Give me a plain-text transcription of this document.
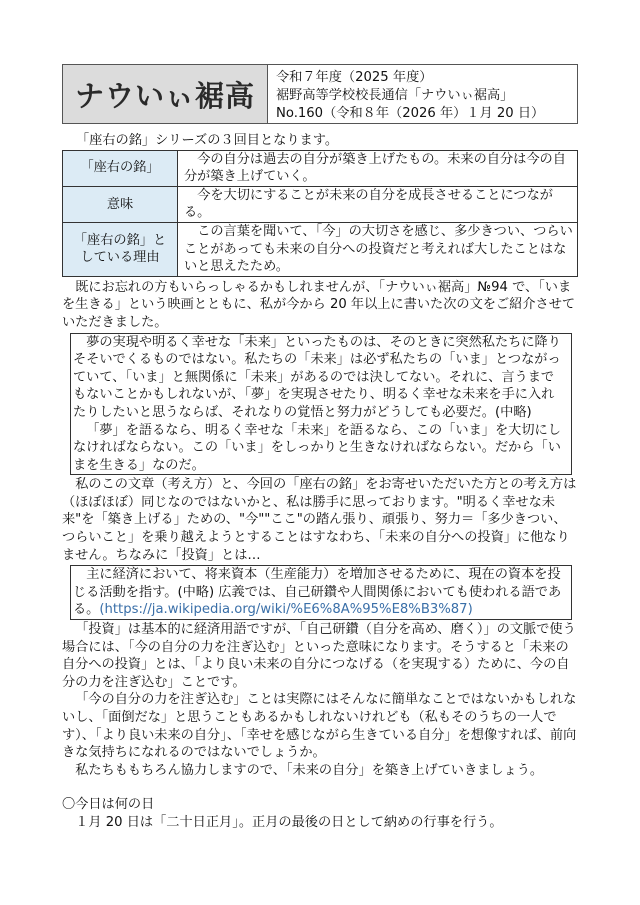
ナウいぃ裾高
令和７年度（2025 年度）
裾野高等学校校長通信「ナウいぃ裾高」
No.160（令和８年（2026 年）１月 20 日）

「座右の銘」シリーズの３回目となります。

「座右の銘」	今の自分は過去の自分が築き上げたもの。未来の自分は今の自分が築き上げていく。
意味	今を大切にすることが未来の自分を成長させることにつながる。
「座右の銘」と
している理由	この言葉を聞いて、「今」の大切さを感じ、多少きつい、つらいことがあっても未来の自分への投資だと考えれば大したことはないと思えたため。

既にお忘れの方もいらっしゃるかもしれませんが、「ナウいぃ裾高」№94 で、「いまを生きる」という映画とともに、私が今から 20 年以上に書いた次の文をご紹介させていただきました。

夢の実現や明るく幸せな「未来」といったものは、そのときに突然私たちに降りそそいでくるものではない。私たちの「未来」は必ず私たちの「いま」とつながっていて、「いま」と無関係に「未来」があるのでは決してない。それに、言うまでもないことかもしれないが、「夢」を実現させたり、明るく幸せな未来を手に入れたりしたいと思うならば、それなりの覚悟と努力がどうしても必要だ。(中略)

「夢」を語るなら、明るく幸せな「未来」を語るなら、この「いま」を大切にしなければならない。この「いま」をしっかりと生きなければならない。だから「いまを生きる」なのだ。

私のこの文章（考え方）と、今回の「座右の銘」をお寄せいただいた方との考え方は（ほぼほぼ）同じなのではないかと、私は勝手に思っております。"明るく幸せな未来"を「築き上げる」ための、"今""ここ"の踏ん張り、頑張り、努力＝「多少きつい、つらいこと」を乗り越えようとすることはすなわち、「未来の自分への投資」に他なりません。ちなみに「投資」とは…

主に経済において、将来資本（生産能力）を増加させるために、現在の資本を投じる活動を指す。(中略) 広義では、自己研鑽や人間関係においても使われる語である。(https://ja.wikipedia.org/wiki/%E6%8A%95%E8%B3%87)

「投資」は基本的に経済用語ですが、「自己研鑽（自分を高め、磨く）」の文脈で使う場合には、「今の自分の力を注ぎ込む」といった意味になります。そうすると「未来の自分への投資」とは、「より良い未来の自分につなげる（を実現する）ために、今の自分の力を注ぎ込む」ことです。

「今の自分の力を注ぎ込む」ことは実際にはそんなに簡単なことではないかもしれないし、「面倒だな」と思うこともあるかもしれないけれども（私もそのうちの一人です）、「より良い未来の自分」、「幸せを感じながら生きている自分」を想像すれば、前向きな気持ちになれるのではないでしょうか。

私たちももちろん協力しますので、「未来の自分」を築き上げていきましょう。

〇今日は何の日

１月 20 日は「二十日正月」。正月の最後の日として納めの行事を行う。
